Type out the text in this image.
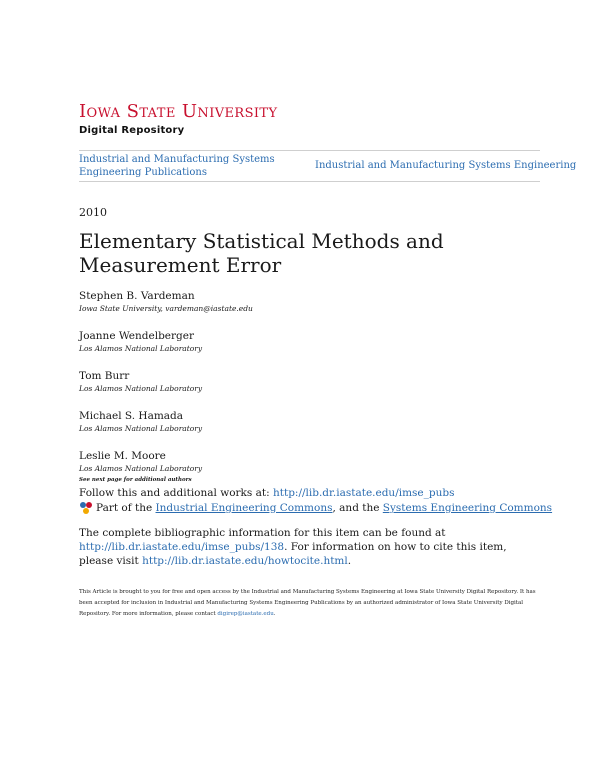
Iowa State University
Digital Repository
Industrial and Manufacturing Systems Engineering Publications
Industrial and Manufacturing Systems Engineering
2010
Elementary Statistical Methods and Measurement Error
Stephen B. Vardeman
Iowa State University, vardeman@iastate.edu
Joanne Wendelberger
Los Alamos National Laboratory
Tom Burr
Los Alamos National Laboratory
Michael S. Hamada
Los Alamos National Laboratory
Leslie M. Moore
Los Alamos National Laboratory
See next page for additional authors
Follow this and additional works at: http://lib.dr.iastate.edu/imse_pubs
Part of the
Industrial Engineering Commons , and the
Systems Engineering Commons
The complete bibliographic information for this item can be found at http://lib.dr.iastate.edu/imse_pubs/138. For information on how to cite this item, please visit http://lib.dr.iastate.edu/howtocite.html.
This Article is brought to you for free and open access by the Industrial and Manufacturing Systems Engineering at Iowa State University Digital Repository. It has been accepted for inclusion in Industrial and Manufacturing Systems Engineering Publications by an authorized administrator of Iowa State University Digital Repository. For more information, please contact digirep@iastate.edu.
